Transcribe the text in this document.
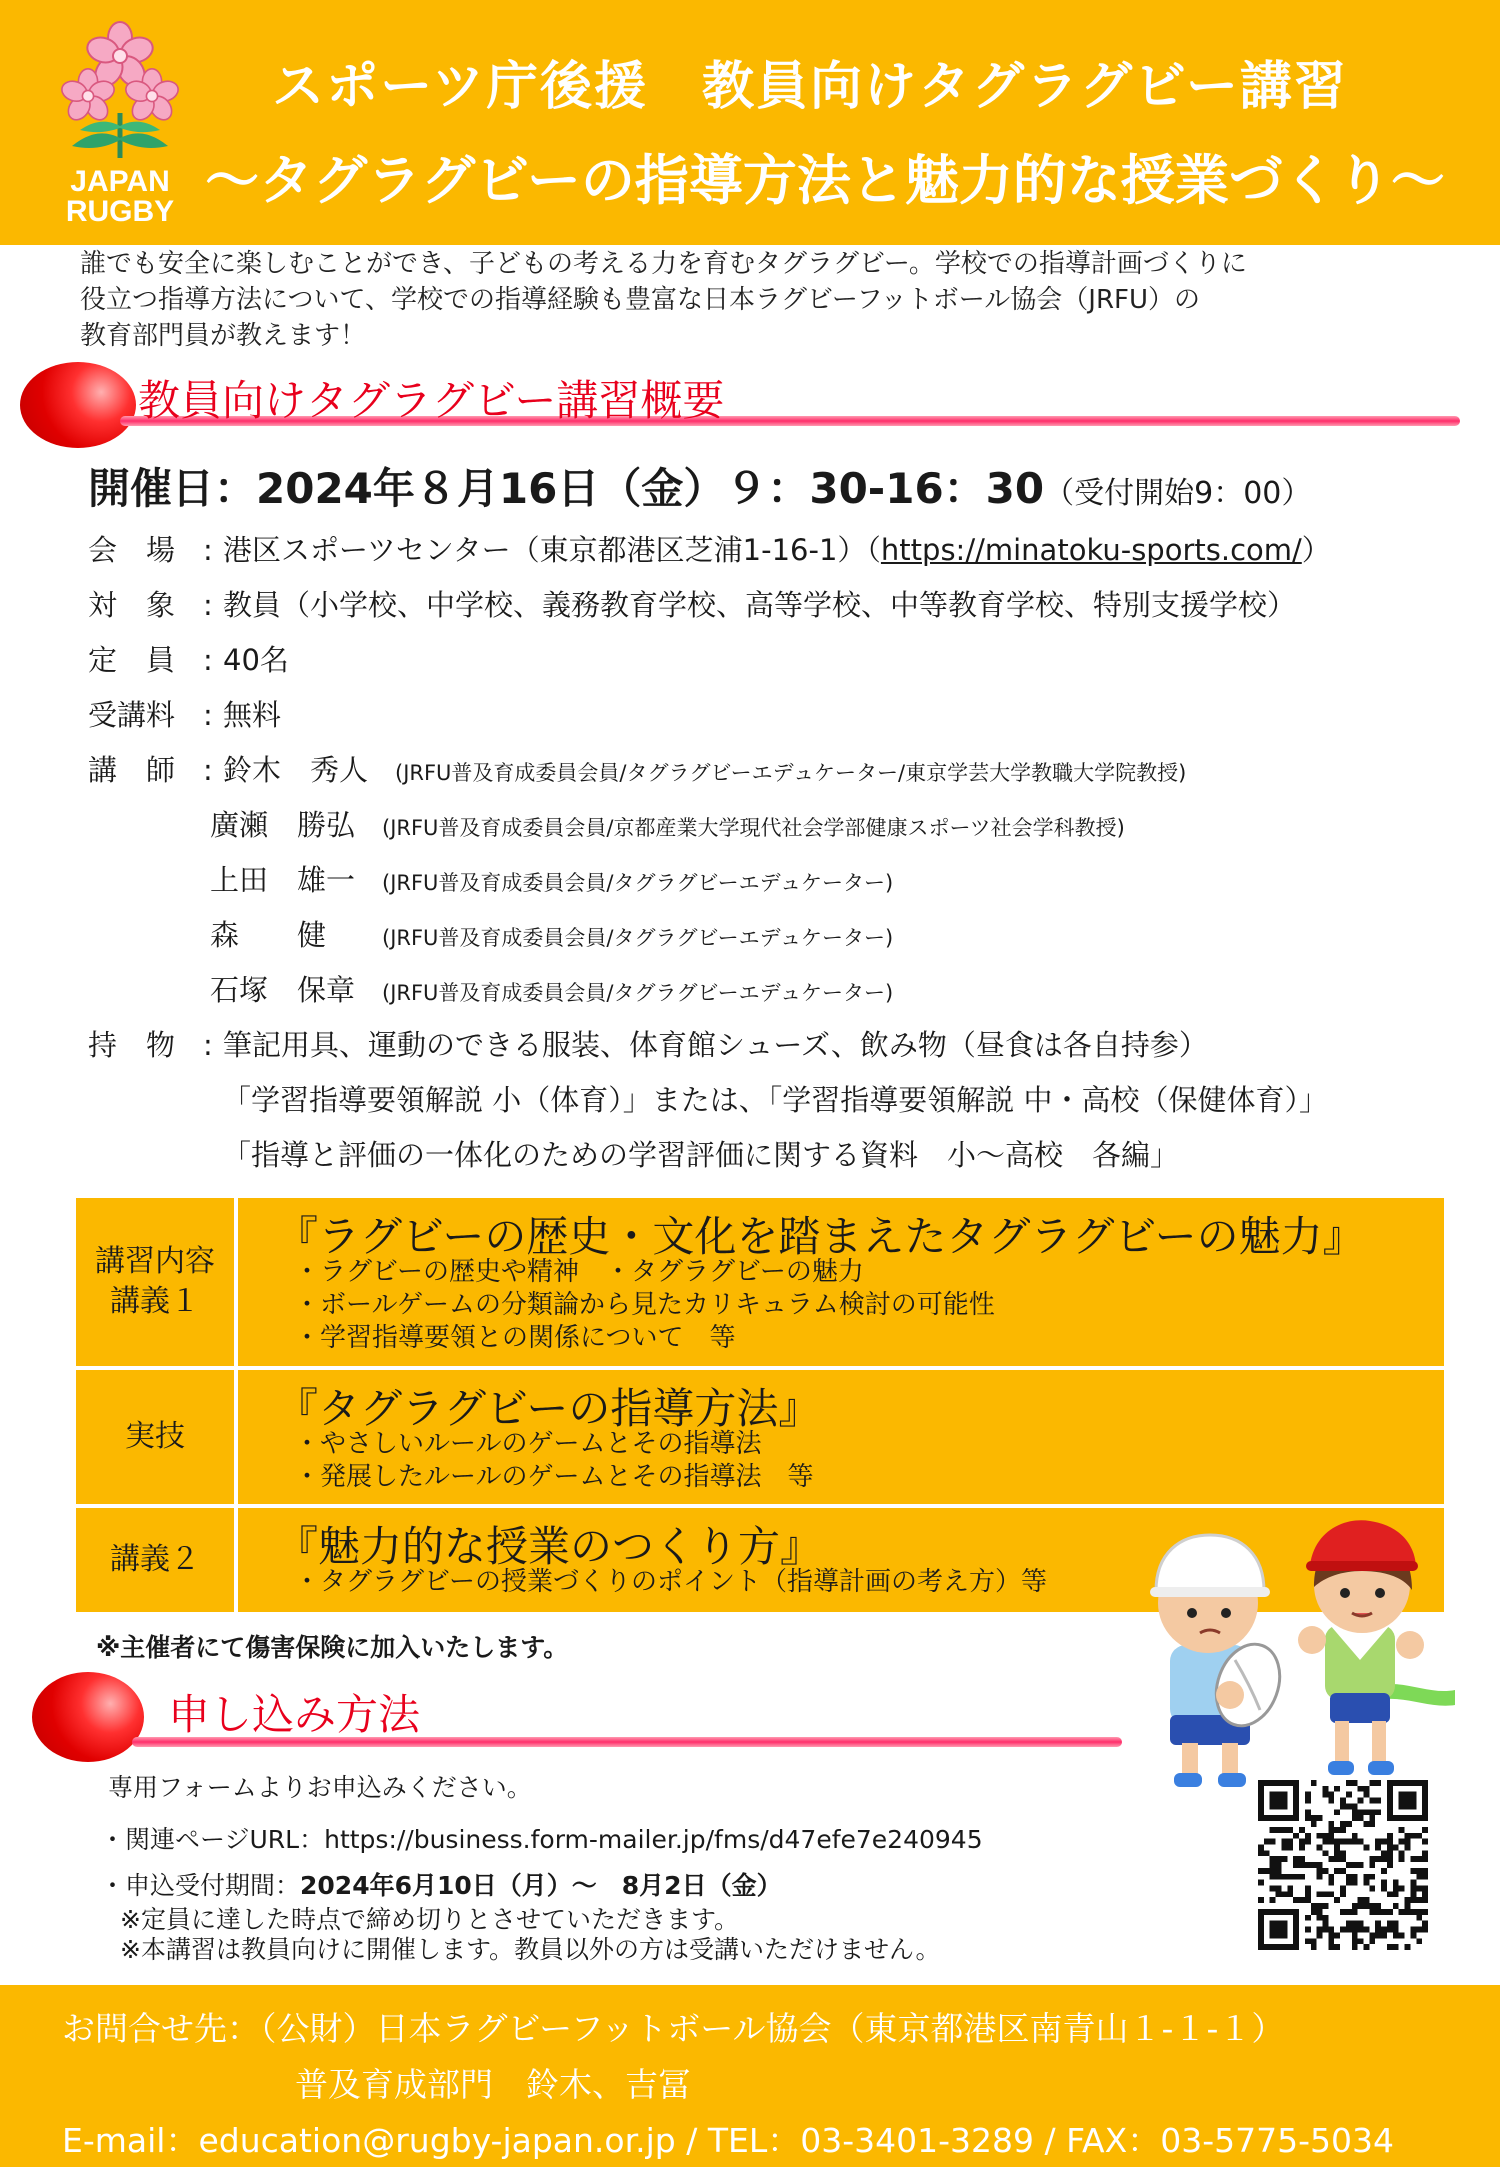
JAPAN
RUGBY
スポーツ庁後援　教員向けタグラグビー講習
～タグラグビーの指導方法と魅力的な授業づくり～
誰でも安全に楽しむことができ、子どもの考える力を育むタグラグビー。学校での指導計画づくりに
役立つ指導方法について、学校での指導経験も豊富な日本ラグビーフットボール協会（JRFU）の
教育部門員が教えます！
教員向けタグラグビー講習概要
開催日：2024年８月16日（金）９：30-16：30（受付開始9：00）
会　場 : 港区スポーツセンター（東京都港区芝浦1-16-1）（https://minatoku-sports.com/）
対　象 : 教員（小学校、中学校、義務教育学校、高等学校、中等教育学校、特別支援学校）
定　員 : 40名
受講料 : 無料
講　師 : 鈴木　秀人 (JRFU普及育成委員会員/タグラグビーエデュケーター/東京学芸大学教職大学院教授)
廣瀬　勝弘 (JRFU普及育成委員会員/京都産業大学現代社会学部健康スポーツ社会学科教授)
上田　雄一 (JRFU普及育成委員会員/タグラグビーエデュケーター)
森　　健	(JRFU普及育成委員会員/タグラグビーエデュケーター)
石塚　保章 (JRFU普及育成委員会員/タグラグビーエデュケーター)
持　物 : 筆記用具、運動のできる服装、体育館シューズ、飲み物（昼食は各自持参）
「学習指導要領解説 小（体育）」または、「学習指導要領解説 中・高校（保健体育）」
「指導と評価の一体化のための学習評価に関する資料　小～高校　各編」
講習内容
講義１
『ラグビーの歴史・文化を踏まえたタグラグビーの魅力』
・ラグビーの歴史や精神　・タグラグビーの魅力
・ボールゲームの分類論から見たカリキュラム検討の可能性
・学習指導要領との関係について　等
実技
『タグラグビーの指導方法』
・やさしいルールのゲームとその指導法
・発展したルールのゲームとその指導法　等
講義２	『魅力的な授業のつくり方』
・タグラグビーの授業づくりのポイント（指導計画の考え方）等
※主催者にて傷害保険に加入いたします。
申し込み方法
専用フォームよりお申込みください。
・関連ページURL：https://business.form-mailer.jp/fms/d47efe7e240945
・申込受付期間：2024年6月10日（月）～　8月2日（金）
※定員に達した時点で締め切りとさせていただきます。
※本講習は教員向けに開催します。教員以外の方は受講いただけません。
お問合せ先：（公財）日本ラグビーフットボール協会（東京都港区南青山１-１-１）
普及育成部門　鈴木、吉冨
E-mail：education@rugby-japan.or.jp / TEL：03-3401-3289 / FAX：03-5775-5034
